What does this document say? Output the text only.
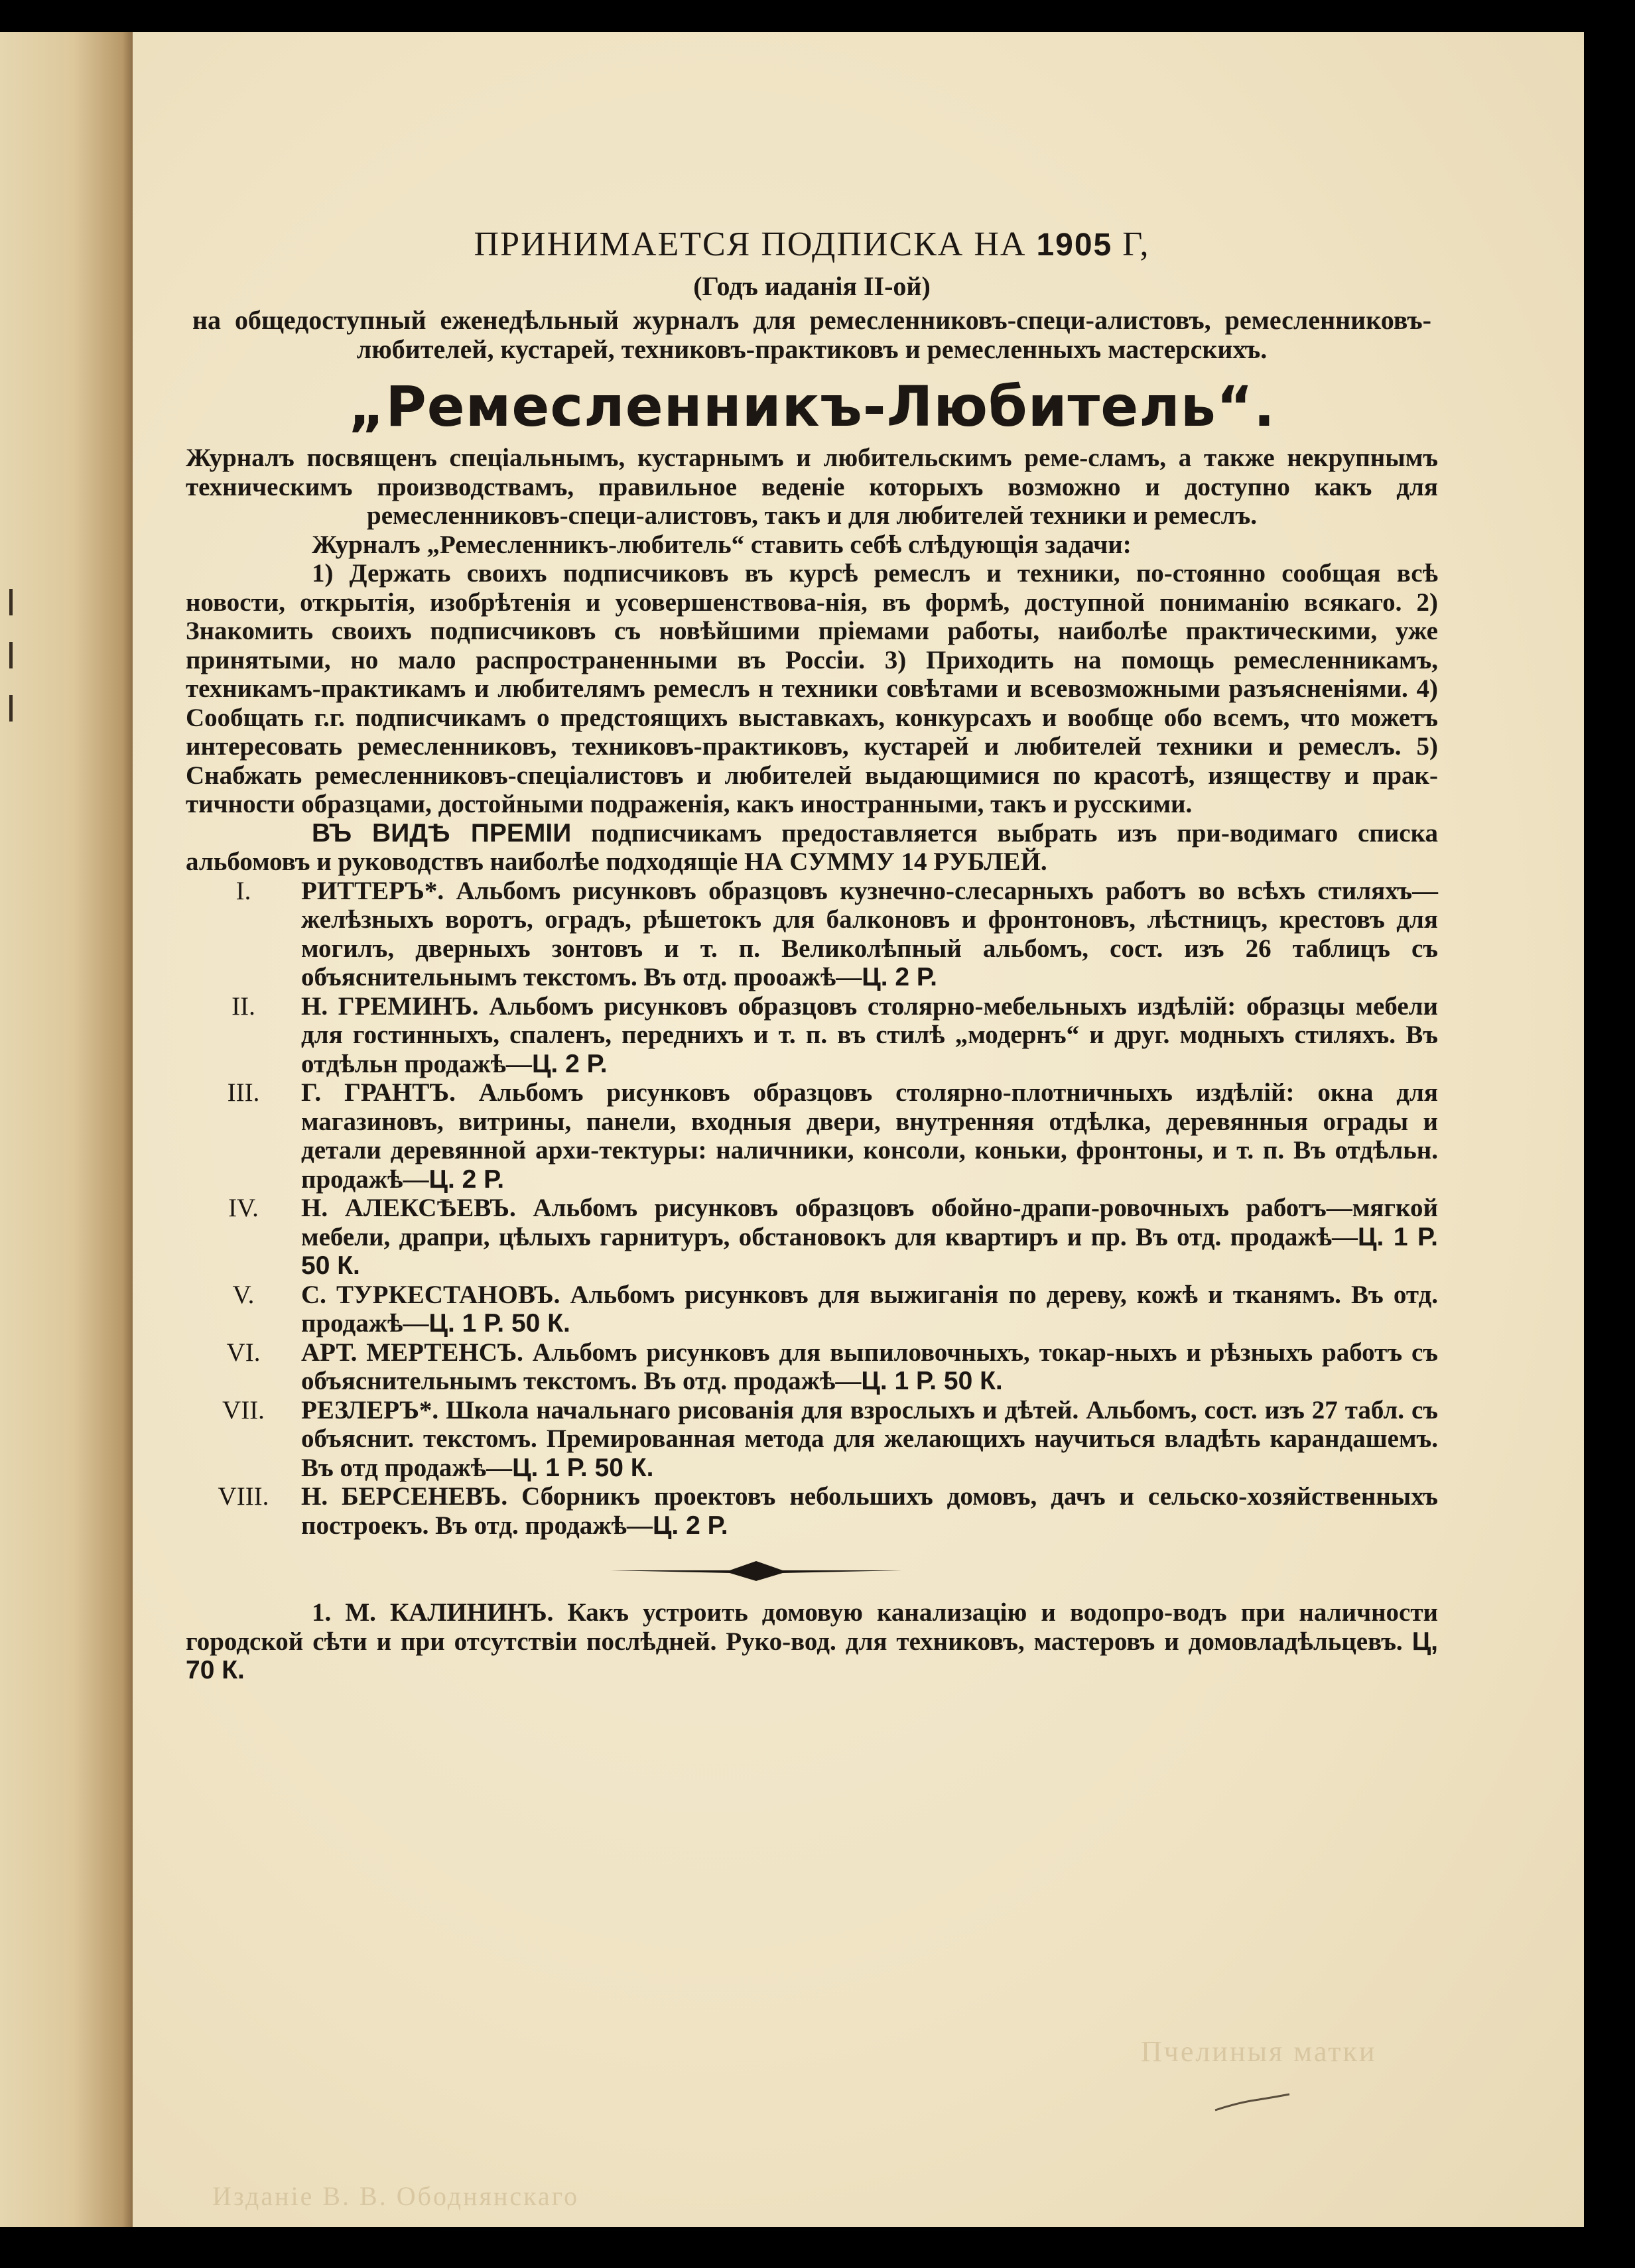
Пчелиныя матки
Изданіе В. В. Ободнянскаго
ПРИНИМАЕТСЯ ПОДПИСКА НА 1905 Г,
(Годъ иаданія II-ой)
на общедоступный еженедѣльный журналъ для ремесленниковъ-специ-алистовъ, ремесленниковъ-любителей, кустарей, техниковъ-практиковъ и ремесленныхъ мастерскихъ.
„Ремесленникъ-Любитель“.

Журналъ посвященъ спеціальнымъ, кустарнымъ и любительскимъ реме-сламъ, а также некрупнымъ техническимъ производствамъ, правильное веденіе которыхъ возможно и доступно какъ для ремесленниковъ-специ-алистовъ, такъ и для любителей техники и ремеслъ.

Журналъ „Ремесленникъ-любитель“ ставить себѣ слѣдующія задачи:

1) Держать своихъ подписчиковъ въ курсѣ ремеслъ и техники, по-стоянно сообщая всѣ новости, открытія, изобрѣтенія и усовершенствова-нія, въ формѣ, доступной пониманію всякаго. 2) Знакомить своихъ подписчиковъ съ новѣйшими пріемами работы, наиболѣе практическими, уже принятыми, но мало распространенными въ Россіи. 3) Приходить на помощь ремесленникамъ, техникамъ-практикамъ и любителямъ ремеслъ н техники совѣтами и всевозможными разъясненіями. 4) Сообщать г.г. подписчикамъ о предстоящихъ выставкахъ, конкурсахъ и вообще обо всемъ, что можетъ интересовать ремесленниковъ, техниковъ-практиковъ, кустарей и любителей техники и ремеслъ. 5) Снабжать ремесленниковъ-спеціалистовъ и любителей выдающимися по красотѣ, изяществу и прак-тичности образцами, достойными подраженія, какъ иностранными, такъ и русскими.

ВЪ ВИДѢ ПРЕМІИ подписчикамъ предоставляется выбрать изъ при-водимаго списка альбомовъ и руководствъ наиболѣе подходящіе НА СУММУ 14 РУБЛЕЙ.

I.	РИТТЕРЪ*. Альбомъ рисунковъ образцовъ кузнечно-слесарныхъ работъ во всѣхъ стиляхъ—желѣзныхъ воротъ, оградъ, рѣшетокъ для балконовъ и фронтоновъ, лѣстницъ, крестовъ для могилъ, дверныхъ зонтовъ и т. п. Великолѣпный альбомъ, сост. изъ 26 таблицъ съ объяснительнымъ текстомъ. Въ отд. проoажѣ—Ц. 2 Р.
II.	Н. ГРЕМИНЪ. Альбомъ рисунковъ образцовъ столярно-мебельныхъ издѣлій: образцы мебели для гостинныхъ, спаленъ, переднихъ и т. п. въ стилѣ „модернъ“ и друг. модныхъ стиляхъ. Въ отдѣльн продажѣ—Ц. 2 Р.
III.	Г. ГРАНТЪ. Альбомъ рисунковъ образцовъ столярно-плотничныхъ издѣлій: окна для магазиновъ, витрины, панели, входныя двери, внутренняя отдѣлка, деревянныя ограды и детали деревянной архи-тектуры: наличники, консоли, коньки, фронтоны, и т. п. Въ отдѣльн. продажѣ—Ц. 2 Р.
IV.	Н. АЛЕКСѢЕВЪ. Альбомъ рисунковъ образцовъ обойно-драпи-ровочныхъ работъ—мягкой мебели, драпри, цѣлыхъ гарнитуръ, обстановокъ для квартиръ и пр. Въ отд. продажѣ—Ц. 1 Р. 50 К.
V.	С. ТУРКЕСТАНОВЪ. Альбомъ рисунковъ для выжиганія по дереву, кожѣ и тканямъ. Въ отд. продажѣ—Ц. 1 Р. 50 К.
VI.	АРТ. МЕРТЕНСЪ. Альбомъ рисунковъ для выпиловочныхъ, токар-ныхъ и рѣзныхъ работъ съ объяснительнымъ текстомъ. Въ отд. продажѣ—Ц. 1 Р. 50 К.
VII.	РЕЗЛЕРЪ*. Школа начальнаго рисованія для взрослыхъ и дѣтей. Альбомъ, сост. изъ 27 табл. съ объяснит. текстомъ. Премированная метода для желающихъ научиться владѣть карандашемъ. Въ отд продажѣ—Ц. 1 Р. 50 К.
VIII.	Н. БЕРСЕНЕВЪ. Сборникъ проектовъ небольшихъ домовъ, дачъ и сельско-хозяйственныхъ построекъ. Въ отд. продажѣ—Ц. 2 Р.

1. М. КАЛИНИНЪ. Какъ устроить домовую канализацію и водопро-водъ при наличности городской сѣти и при отсутствіи послѣдней. Руко-вод. для техниковъ, мастеровъ и домовладѣльцевъ. Ц, 70 К.
